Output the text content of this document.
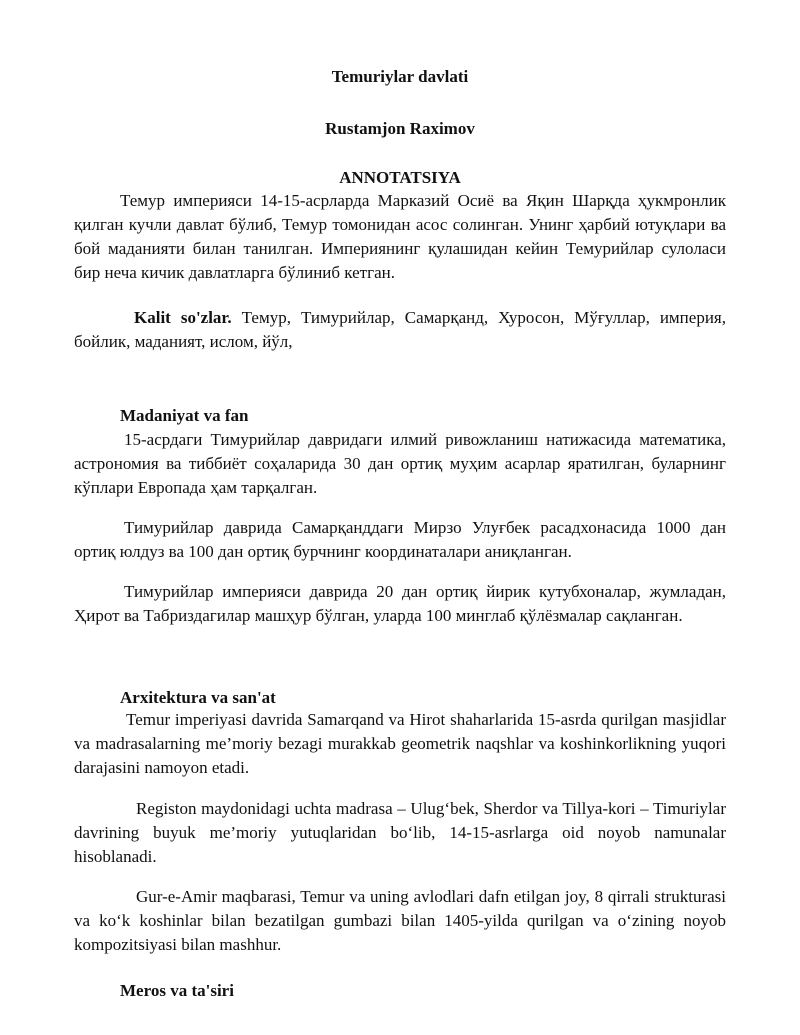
Temuriylar davlati
Rustamjon Raximov
ANNOTATSIYA
Темур империяси 14-15-асрларда Марказий Осиё ва Яқин Шарқда ҳукмронлик қилган кучли давлат бўлиб, Темур томонидан асос солинган. Унинг ҳарбий ютуқлари ва бой маданияти билан танилган. Империянинг қулашидан кейин Темурийлар сулоласи бир неча кичик давлатларга бўлиниб кетган.
Kalit so'zlar. Темур, Тимурийлар, Самарқанд, Хуросон, Мўғуллар, империя, бойлик, маданият, ислом, йўл,
Madaniyat va fan
15-асрдаги Тимурийлар давридаги илмий ривожланиш натижасида математика, астрономия ва тиббиёт соҳаларида 30 дан ортиқ муҳим асарлар яратилган, буларнинг кўплари Европада ҳам тарқалган.
Тимурийлар даврида Самарқанддаги Мирзо Улуғбек расадхонасида 1000 дан ортиқ юлдуз ва 100 дан ортиқ бурчнинг координаталари аниқланган.
Тимурийлар империяси даврида 20 дан ортиқ йирик кутубхоналар, жумладан, Ҳирот ва Табриздагилар машҳур бўлган, уларда 100 минглаб қўлёзмалар сақланган.
Arxitektura va san'at
Temur imperiyasi davrida Samarqand va Hirot shaharlarida 15-asrda qurilgan masjidlar va madrasalarning me’moriy bezagi murakkab geometrik naqshlar va koshinkorlikning yuqori darajasini namoyon etadi.
Registon maydonidagi uchta madrasa – Ulug‘bek, Sherdor va Tillya-kori – Timuriylar davrining buyuk me’moriy yutuqlaridan bo‘lib, 14-15-asrlarga oid noyob namunalar hisoblanadi.
Gur-e-Amir maqbarasi, Temur va uning avlodlari dafn etilgan joy, 8 qirrali strukturasi va ko‘k koshinlar bilan bezatilgan gumbazi bilan 1405-yilda qurilgan va o‘zining noyob kompozitsiyasi bilan mashhur.
Meros va ta'siri
